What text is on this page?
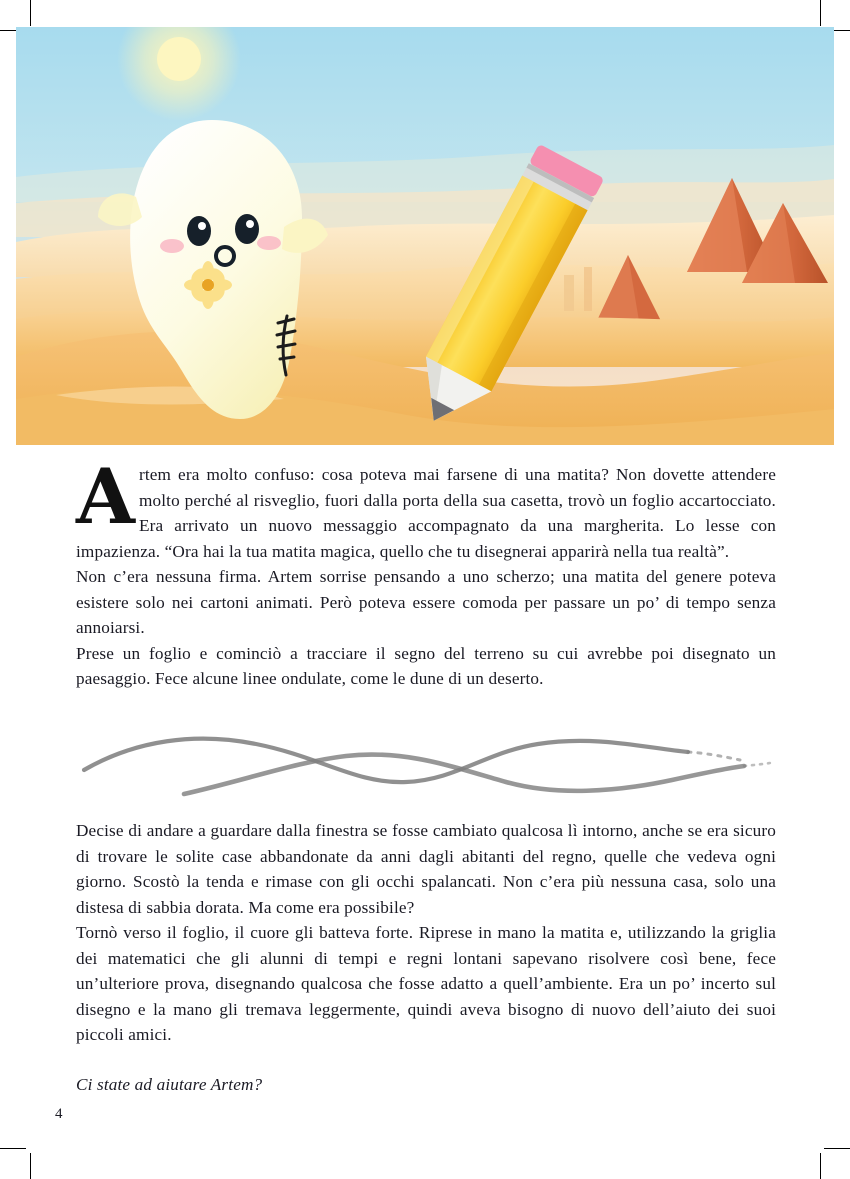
Artem era molto confuso: cosa poteva mai farsene di una matita? Non dovette attendere molto perché al risveglio, fuori dalla porta della sua casetta, trovò un foglio accartocciato. Era arrivato un nuovo messaggio accompagnato da una margherita. Lo lesse con impazienza. “Ora hai la tua matita magica, quello che tu disegnerai apparirà nella tua realtà”.

Non c’era nessuna firma. Artem sorrise pensando a uno scherzo; una matita del genere poteva esistere solo nei cartoni animati. Però poteva essere comoda per passare un po’ di tempo senza annoiarsi.

Prese un foglio e cominciò a tracciare il segno del terreno su cui avrebbe poi disegnato un paesaggio. Fece alcune linee ondulate, come le dune di un deserto.

Decise di andare a guardare dalla finestra se fosse cambiato qualcosa lì intorno, anche se era sicuro di trovare le solite case abbandonate da anni dagli abitanti del regno, quelle che vedeva ogni giorno. Scostò la tenda e rimase con gli occhi spalancati. Non c’era più nessuna casa, solo una distesa di sabbia dorata. Ma come era possibile?

Tornò verso il foglio, il cuore gli batteva forte. Riprese in mano la matita e, utilizzando la griglia dei matematici che gli alunni di tempi e regni lontani sapevano risolvere così bene, fece un’ulteriore prova, disegnando qualcosa che fosse adatto a quell’ambiente. Era un po’ incerto sul disegno e la mano gli tremava leggermente, quindi aveva bisogno di nuovo dell’aiuto dei suoi piccoli amici.

Ci state ad aiutare Artem?

4
